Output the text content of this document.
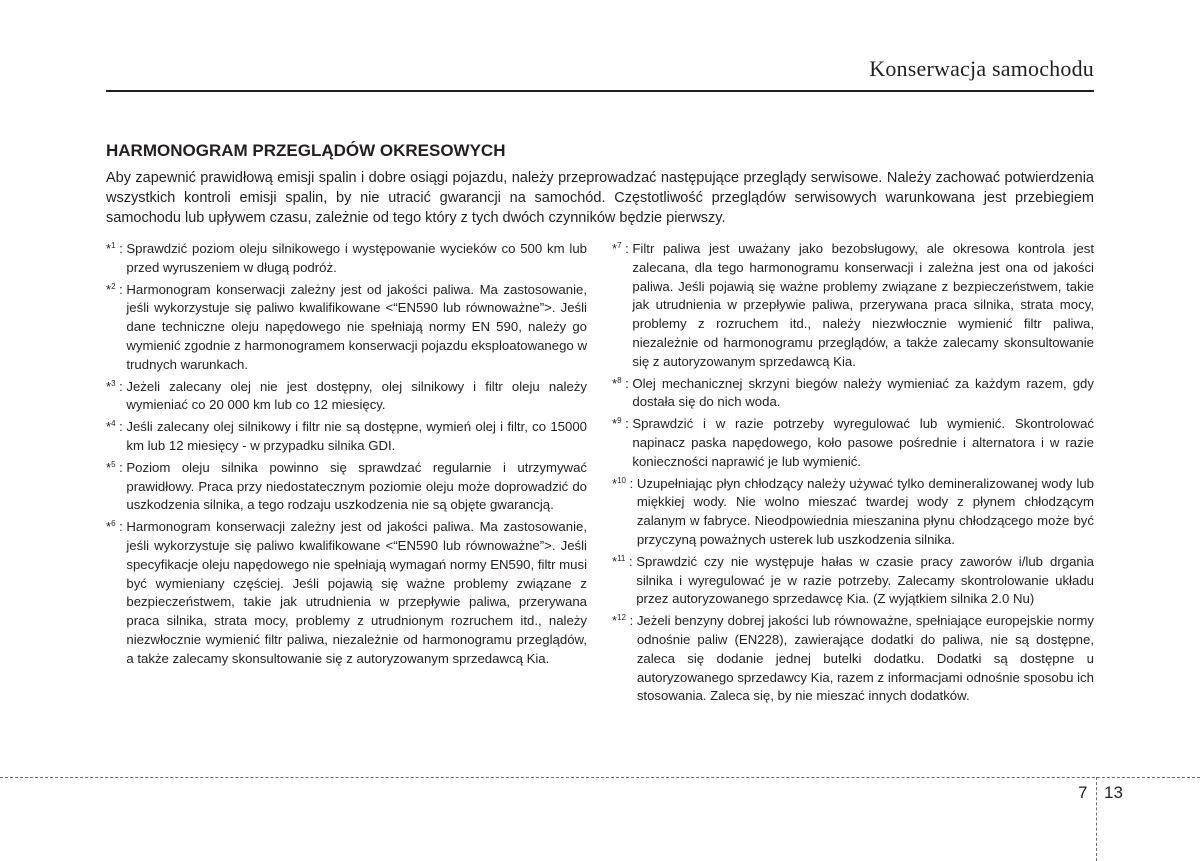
Konserwacja samochodu
HARMONOGRAM PRZEGLĄDÓW OKRESOWYCH

Aby zapewnić prawidłową emisji spalin i dobre osiągi pojazdu, należy przeprowadzać następujące przeglądy serwisowe. Należy zachować potwierdzenia wszystkich kontroli emisji spalin, by nie utracić gwarancji na samochód. Częstotliwość przeglądów serwisowych warunkowana jest przebiegiem samochodu lub upływem czasu, zależnie od tego który z tych dwóch czynników będzie pierwszy.

*$^1$ : Sprawdzić poziom oleju silnikowego i występowanie wycieków co 500 km lub przed wyruszeniem w długą podróż.
*$^2$ : Harmonogram konserwacji zależny jest od jakości paliwa. Ma zastosowanie, jeśli wykorzystuje się paliwo kwalifikowane <“EN590 lub równoważne”>. Jeśli dane techniczne oleju napędowego nie spełniają normy EN 590, należy go wymienić zgodnie z harmonogramem konserwacji pojazdu eksploatowanego w trudnych warunkach.
*$^3$ : Jeżeli zalecany olej nie jest dostępny, olej silnikowy i filtr oleju należy wymieniać co 20 000 km lub co 12 miesięcy.
*$^4$ : Jeśli zalecany olej silnikowy i filtr nie są dostępne, wymień olej i filtr, co 15000 km lub 12 miesięcy - w przypadku silnika GDI.
*$^5$ : Poziom oleju silnika powinno się sprawdzać regularnie i utrzymywać prawidłowy. Praca przy niedostatecznym poziomie oleju może doprowadzić do uszkodzenia silnika, a tego rodzaju uszkodzenia nie są objęte gwarancją.
*$^6$ : Harmonogram konserwacji zależny jest od jakości paliwa. Ma zastosowanie, jeśli wykorzystuje się paliwo kwalifikowane <“EN590 lub równoważne”>. Jeśli specyfikacje oleju napędowego nie spełniają wymagań normy EN590, filtr musi być wymieniany częściej. Jeśli pojawią się ważne problemy związane z bezpieczeństwem, takie jak utrudnienia w przepływie paliwa, przerywana praca silnika, strata mocy, problemy z utrudnionym rozruchem itd., należy niezwłocznie wymienić filtr paliwa, niezależnie od harmonogramu przeglądów, a także zalecamy skonsultowanie się z autoryzowanym sprzedawcą Kia.
*$^7$ : Filtr paliwa jest uważany jako bezobsługowy, ale okresowa kontrola jest zalecana, dla tego harmonogramu konserwacji i zależna jest ona od jakości paliwa. Jeśli pojawią się ważne problemy związane z bezpieczeństwem, takie jak utrudnienia w przepływie paliwa, przerywana praca silnika, strata mocy, problemy z rozruchem itd., należy niezwłocznie wymienić filtr paliwa, niezależnie od harmonogramu przeglądów, a także zalecamy skonsultowanie się z autoryzowanym sprzedawcą Kia.
*$^8$ : Olej mechanicznej skrzyni biegów należy wymieniać za każdym razem, gdy dostała się do nich woda.
*$^9$ : Sprawdzić i w razie potrzeby wyregulować lub wymienić. Skontrolować napinacz paska napędowego, koło pasowe pośrednie i alternatora i w razie konieczności naprawić je lub wymienić.
*$^{10}$ : Uzupełniając płyn chłodzący należy używać tylko demineralizowanej wody lub miękkiej wody. Nie wolno mieszać twardej wody z płynem chłodzącym zalanym w fabryce. Nieodpowiednia mieszanina płynu chłodzącego może być przyczyną poważnych usterek lub uszkodzenia silnika.
*$^{11}$ : Sprawdzić czy nie występuje hałas w czasie pracy zaworów i/lub drgania silnika i wyregulować je w razie potrzeby. Zalecamy skontrolowanie układu przez autoryzowanego sprzedawcę Kia. (Z wyjątkiem silnika 2.0 Nu)
*$^{12}$ : Jeżeli benzyny dobrej jakości lub równoważne, spełniające europejskie normy odnośnie paliw (EN228), zawierające dodatki do paliwa, nie są dostępne, zaleca się dodanie jednej butelki dodatku. Dodatki są dostępne u autoryzowanego sprzedawcy Kia, razem z informacjami odnośnie sposobu ich stosowania. Zaleca się, by nie mieszać innych dodatków.
7 13
